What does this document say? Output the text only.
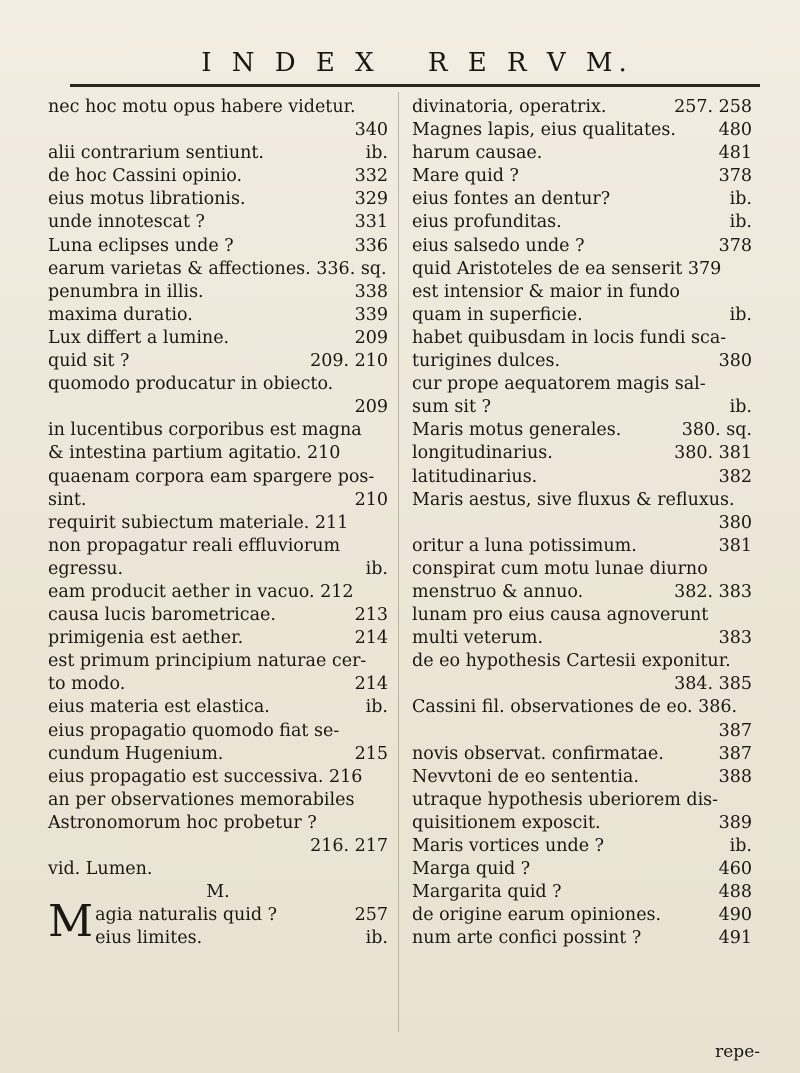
I N D E X R E R V M.
nec hoc motu opus habere videtur.
340
alii contrarium sentiunt.	ib.
de hoc Cassini opinio.	332
eius motus librationis.	329
unde innotescat ?	331
Luna eclipses unde ?	336
earum varietas & affectiones. 336. sq.
penumbra in illis.	338
maxima duratio.	339
Lux differt a lumine.	209
quid sit ?	209. 210
quomodo producatur in obiecto.
209
in lucentibus corporibus est magna
& intestina partium agitatio. 210
quaenam corpora eam spargere pos-
sint.	210
requirit subiectum materiale. 211
non propagatur reali effluviorum
egressu.	ib.
eam producit aether in vacuo. 212
causa lucis barometricae.	213
primigenia est aether.	214
est primum principium naturae cer-
to modo.	214
eius materia est elastica.	ib.
eius propagatio quomodo fiat se-
cundum Hugenium.	215
eius propagatio est successiva. 216
an per observationes memorabiles
Astronomorum hoc probetur ?
216. 217
vid. Lumen.
M.
Magia naturalis quid ?	257
eius limites.	ib.
divinatoria, operatrix.	257. 258
Magnes lapis, eius qualitates. 480
harum causae.	481
Mare quid ?	378
eius fontes an dentur?	ib.
eius profunditas.	ib.
eius salsedo unde ?	378
quid Aristoteles de ea senserit 379
est intensior & maior in fundo
quam in superficie.	ib.
habet quibusdam in locis fundi sca-
turigines dulces.	380
cur prope aequatorem magis sal-
sum sit ?	ib.
Maris motus generales.	380. sq.
longitudinarius.	380. 381
latitudinarius.	382
Maris aestus, sive fluxus & refluxus.
380
oritur a luna potissimum.	381
conspirat cum motu lunae diurno
menstruo & annuo.	382. 383
lunam pro eius causa agnoverunt
multi veterum.	383
de eo hypothesis Cartesii exponitur.
384. 385
Cassini fil. observationes de eo. 386.
387
novis observat. confirmatae.	387
Nevvtoni de eo sententia.	388
utraque hypothesis uberiorem dis-
quisitionem exposcit.	389
Maris vortices unde ?	ib.
Marga quid ?	460
Margarita quid ?	488
de origine earum opiniones.	490
num arte confici possint ?	491
repe-
